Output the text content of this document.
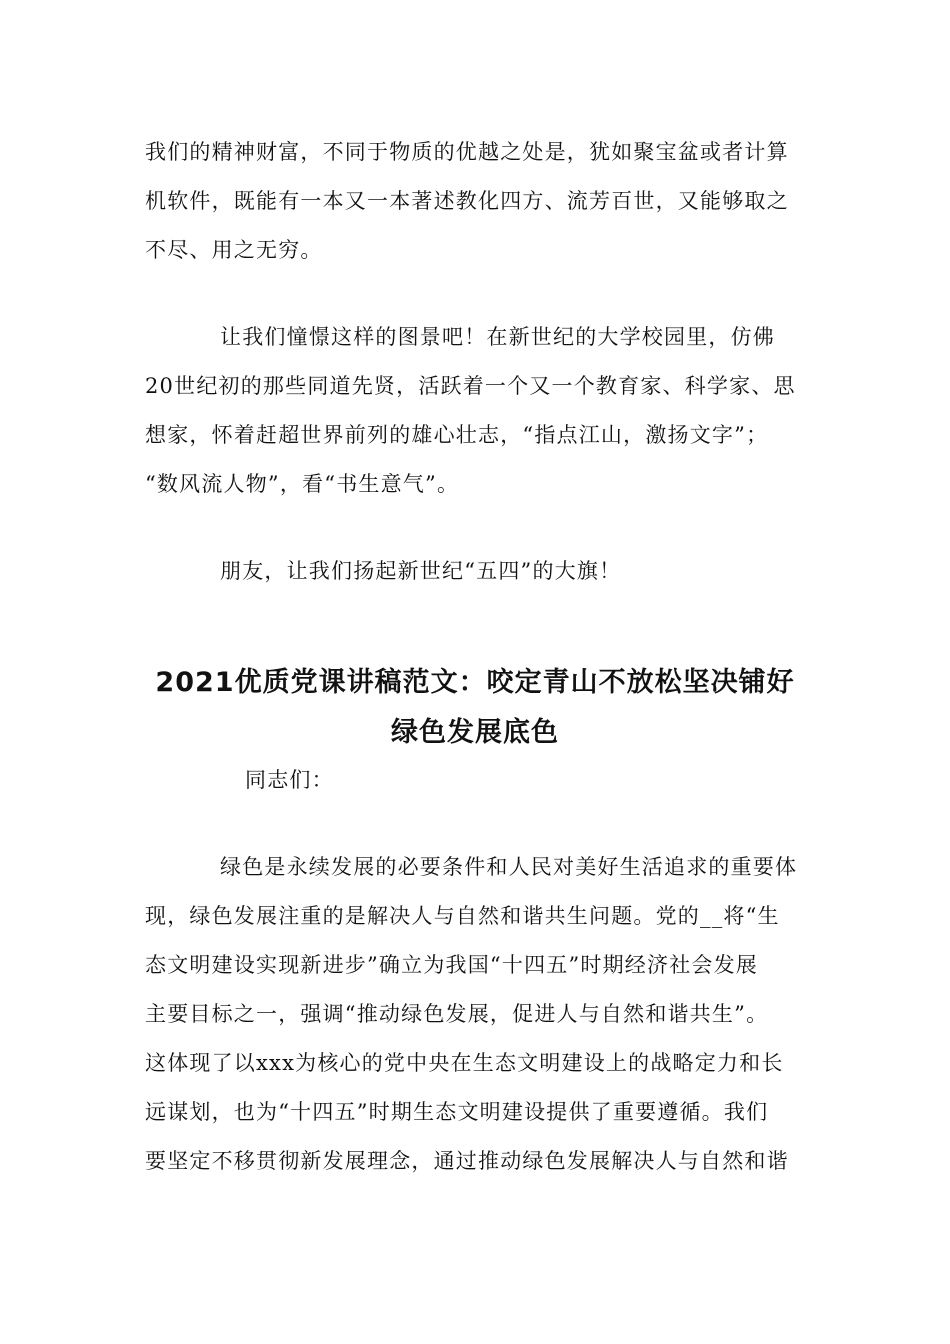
我们的精神财富，不同于物质的优越之处是，犹如聚宝盆或者计算
机软件，既能有一本又一本著述教化四方、流芳百世，又能够取之
不尽、用之无穷。
让我们憧憬这样的图景吧！在新世纪的大学校园里，仿佛
20世纪初的那些同道先贤，活跃着一个又一个教育家、科学家、思
想家，怀着赶超世界前列的雄心壮志，“指点江山，激扬文字”；
“数风流人物”，看“书生意气”。
朋友，让我们扬起新世纪“五四”的大旗！
2021优质党课讲稿范文：咬定青山不放松坚决铺好
绿色发展底色
同志们：
绿色是永续发展的必要条件和人民对美好生活追求的重要体
现，绿色发展注重的是解决人与自然和谐共生问题。党的__将“生
态文明建设实现新进步”确立为我国“十四五”时期经济社会发展
主要目标之一，强调“推动绿色发展，促进人与自然和谐共生”。
这体现了以xxx为核心的党中央在生态文明建设上的战略定力和长
远谋划，也为“十四五”时期生态文明建设提供了重要遵循。我们
要坚定不移贯彻新发展理念，通过推动绿色发展解决人与自然和谐
